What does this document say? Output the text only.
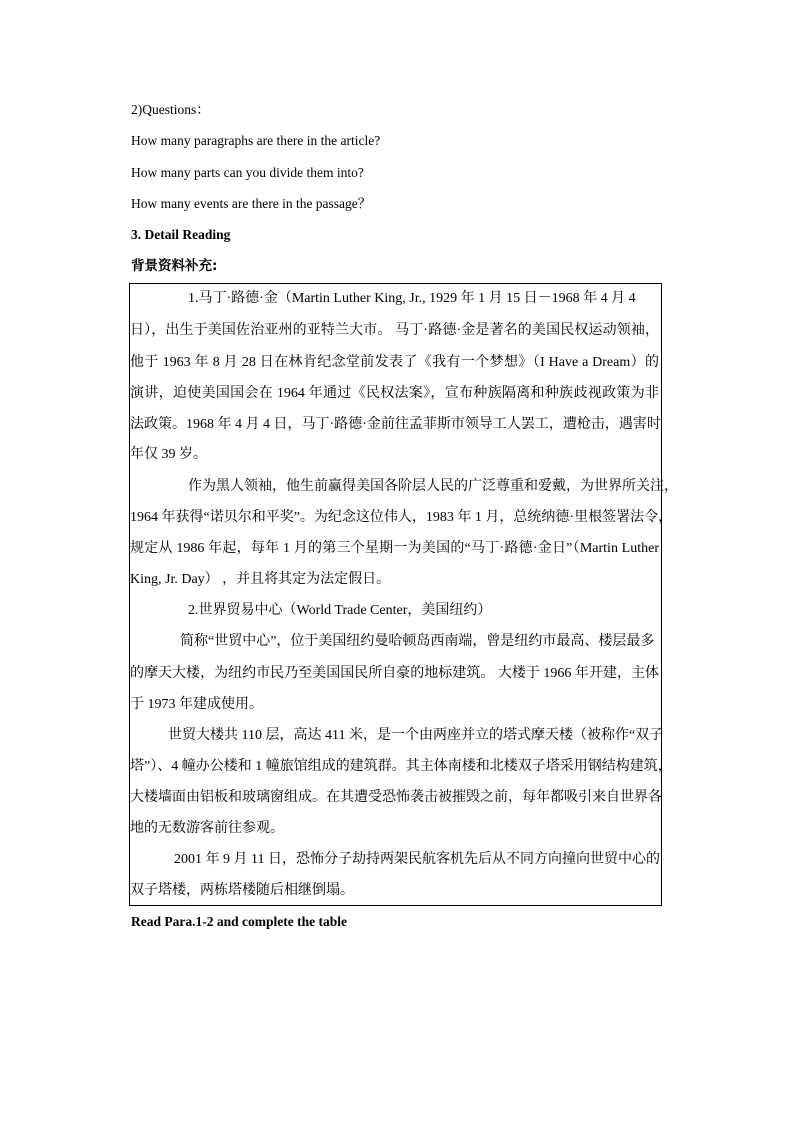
2)Questions：
How many paragraphs are there in the article?
How many parts can you divide them into?
How many events are there in the passage？
3. Detail Reading
背景资料补充:
1.马丁·路德·金（Martin Luther King, Jr., 1929 年 1 月 15 日－1968 年 4 月 4
日），出生于美国佐治亚州的亚特兰大市。 马丁·路德·金是著名的美国民权运动领袖，
他于 1963 年 8 月 28 日在林肯纪念堂前发表了《我有一个梦想》（I Have a Dream）的
演讲，迫使美国国会在 1964 年通过《民权法案》，宣布种族隔离和种族歧视政策为非
法政策。1968 年 4 月 4 日，马丁·路德·金前往孟菲斯市领导工人罢工，遭枪击，遇害时
年仅 39 岁。
作为黑人领袖，他生前赢得美国各阶层人民的广泛尊重和爱戴，为世界所关注，
1964 年获得“诺贝尔和平奖”。为纪念这位伟人，1983 年 1 月，总统纳德·里根签署法令，
规定从 1986 年起，每年 1 月的第三个星期一为美国的“马丁·路德·金日”（Martin Luther
King, Jr. Day） ，并且将其定为法定假日。
2.世界贸易中心（World Trade Center，美国纽约）
简称“世贸中心”，位于美国纽约曼哈顿岛西南端，曾是纽约市最高、楼层最多
的摩天大楼，为纽约市民乃至美国国民所自豪的地标建筑。 大楼于 1966 年开建，主体
于 1973 年建成使用。
世贸大楼共 110 层，高达 411 米，是一个由两座并立的塔式摩天楼（被称作“双子
塔”）、4 幢办公楼和 1 幢旅馆组成的建筑群。其主体南楼和北楼双子塔采用钢结构建筑，
大楼墙面由铝板和玻璃窗组成。在其遭受恐怖袭击被摧毁之前，每年都吸引来自世界各
地的无数游客前往参观。
2001 年 9 月 11 日，恐怖分子劫持两架民航客机先后从不同方向撞向世贸中心的
双子塔楼，两栋塔楼随后相继倒塌。
Read Para.1-2 and complete the table
